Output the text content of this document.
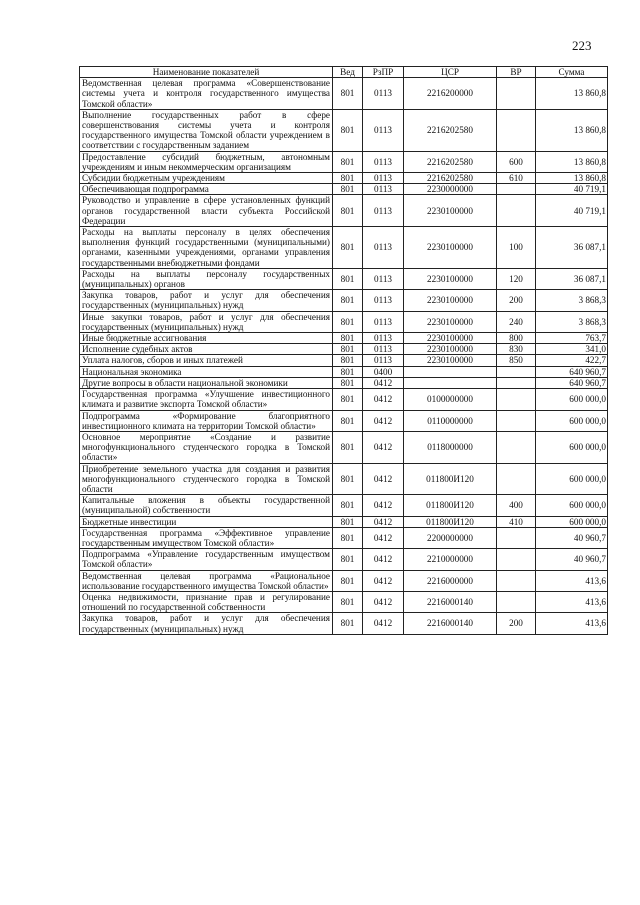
223
Наименование показателей	Вед	РзПР	ЦСР	ВР	Сумма
Ведомственная целевая программа «Совершенствование системы учета и контроля государственного имущества Томской области»	801	0113	2216200000		13 860,8
Выполнение государственных работ в сфере совершенствования системы учета и контроля государственного имущества Томской области учреждением в соответствии с государственным заданием	801	0113	2216202580		13 860,8
Предоставление субсидий бюджетным, автономным учреждениям и иным некоммерческим организациям	801	0113	2216202580	600	13 860,8
Субсидии бюджетным учреждениям	801	0113	2216202580	610	13 860,8
Обеспечивающая подпрограмма	801	0113	2230000000		40 719,1
Руководство и управление в сфере установленных функций органов государственной власти субъекта Российской Федерации	801	0113	2230100000		40 719,1
Расходы на выплаты персоналу в целях обеспечения выполнения функций государственными (муниципальными) органами, казенными учреждениями, органами управления государственными внебюджетными фондами	801	0113	2230100000	100	36 087,1
Расходы на выплаты персоналу государственных (муниципальных) органов	801	0113	2230100000	120	36 087,1
Закупка товаров, работ и услуг для обеспечения государственных (муниципальных) нужд	801	0113	2230100000	200	3 868,3
Иные закупки товаров, работ и услуг для обеспечения государственных (муниципальных) нужд	801	0113	2230100000	240	3 868,3
Иные бюджетные ассигнования	801	0113	2230100000	800	763,7
Исполнение судебных актов	801	0113	2230100000	830	341,0
Уплата налогов, сборов и иных платежей	801	0113	2230100000	850	422,7
Национальная экономика	801	0400			640 960,7
Другие вопросы в области национальной экономики	801	0412			640 960,7
Государственная программа «Улучшение инвестиционного климата и развитие экспорта Томской области»	801	0412	0100000000		600 000,0
Подпрограмма «Формирование благоприятного инвестиционного климата на территории Томской области»	801	0412	0110000000		600 000,0
Основное мероприятие «Создание и развитие многофункционального студенческого городка в Томской области»	801	0412	0118000000		600 000,0
Приобретение земельного участка для создания и развития многофункционального студенческого городка в Томской области	801	0412	011800И120		600 000,0
Капитальные вложения в объекты государственной (муниципальной) собственности	801	0412	011800И120	400	600 000,0
Бюджетные инвестиции	801	0412	011800И120	410	600 000,0
Государственная программа «Эффективное управление государственным имуществом Томской области»	801	0412	2200000000		40 960,7
Подпрограмма «Управление государственным имуществом Томской области»	801	0412	2210000000		40 960,7
Ведомственная целевая программа «Рациональное использование государственного имущества Томской области»	801	0412	2216000000		413,6
Оценка недвижимости, признание прав и регулирование отношений по государственной собственности	801	0412	2216000140		413,6
Закупка товаров, работ и услуг для обеспечения государственных (муниципальных) нужд	801	0412	2216000140	200	413,6
